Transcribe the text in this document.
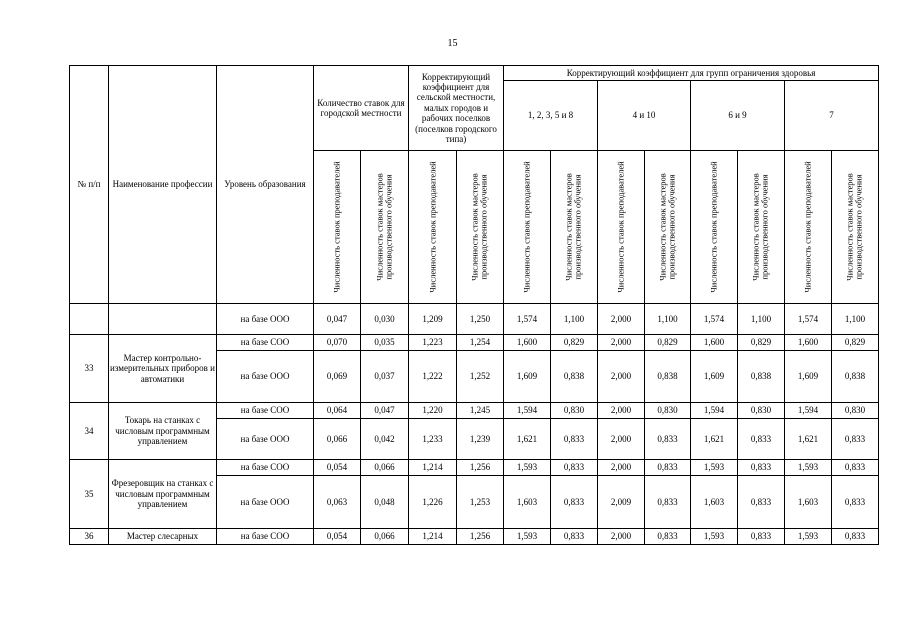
15
№ п/п	Наименование профессии	Уровень образования	Количество ставок для городской местности		Корректирующий коэффициент для сельской местности, малых городов и рабочих поселков (поселков городского типа)		Корректирующий коэффициент для групп ограничения здоровья							
							1, 2, 3, 5 и 8		4 и 10		6 и 9		7	

			Численность ставок преподавателей	Численность ставок мастеров производственного обучения	Численность ставок преподавателей	Численность ставок мастеров производственного обучения	Численность ставок преподавателей	Численность ставок мастеров производственного обучения	Численность ставок преподавателей	Численность ставок мастеров производственного обучения	Численность ставок преподавателей	Численность ставок мастеров производственного обучения	Численность ставок преподавателей	Численность ставок мастеров производственного обучения

		на базе ООО	0,047	0,030	1,209	1,250	1,574	1,100	2,000	1,100	1,574	1,100	1,574	1,100
33	Мастер контрольно-измерительных приборов и автоматики	на базе СОО	0,070	0,035	1,223	1,254	1,600	0,829	2,000	0,829	1,600	0,829	1,600	0,829
		на базе ООО	0,069	0,037	1,222	1,252	1,609	0,838	2,000	0,838	1,609	0,838	1,609	0,838
34	Токарь на станках с числовым программным управлением	на базе СОО	0,064	0,047	1,220	1,245	1,594	0,830	2,000	0,830	1,594	0,830	1,594	0,830
		на базе ООО	0,066	0,042	1,233	1,239	1,621	0,833	2,000	0,833	1,621	0,833	1,621	0,833
35	Фрезеровщик на станках с числовым программным управлением	на базе СОО	0,054	0,066	1,214	1,256	1,593	0,833	2,000	0,833	1,593	0,833	1,593	0,833
		на базе ООО	0,063	0,048	1,226	1,253	1,603	0,833	2,009	0,833	1,603	0,833	1,603	0,833
36	Мастер слесарных	на базе СОО	0,054	0,066	1,214	1,256	1,593	0,833	2,000	0,833	1,593	0,833	1,593	0,833
